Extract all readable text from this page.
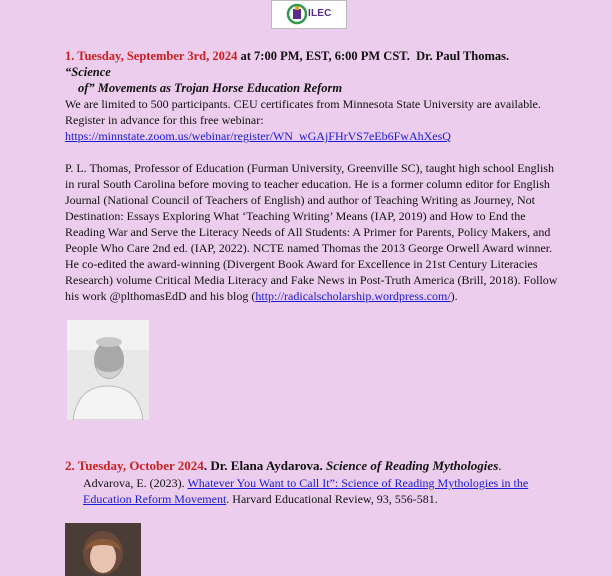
ILEC
1. Tuesday, September 3rd, 2024 at 7:00 PM, EST, 6:00 PM CST. Dr. Paul Thomas.  “Science
of” Movements as Trojan Horse Education Reform
We are limited to 500 participants. CEU certificates from Minnesota State University are available. Register in advance for this free webinar:
https://minnstate.zoom.us/webinar/register/WN_wGAjFHrVS7eEb6FwAhXesQ
P. L. Thomas, Professor of Education (Furman University, Greenville SC), taught high school English in rural South Carolina before moving to teacher education. He is a former column editor for English Journal (National Council of Teachers of English) and author of Teaching Writing as Journey, Not Destination: Essays Exploring What ‘Teaching Writing’ Means (IAP, 2019) and How to End the Reading War and Serve the Literacy Needs of All Students: A Primer for Parents, Policy Makers, and People Who Care 2nd ed. (IAP, 2022). NCTE named Thomas the 2013 George Orwell Award winner. He co-edited the award-winning (Divergent Book Award for Excellence in 21st Century Literacies Research) volume Critical Media Literacy and Fake News in Post-Truth America (Brill, 2018). Follow his work @plthomasEdD and his blog (http://radicalscholarship.wordpress.com/).
2. Tuesday, October 2024. Dr. Elana Aydarova. Science of Reading Mythologies.
Advarova, E. (2023). Whatever You Want to Call It”: Science of Reading Mythologies in the Education Reform Movement. Harvard Educational Review, 93, 556-581.
